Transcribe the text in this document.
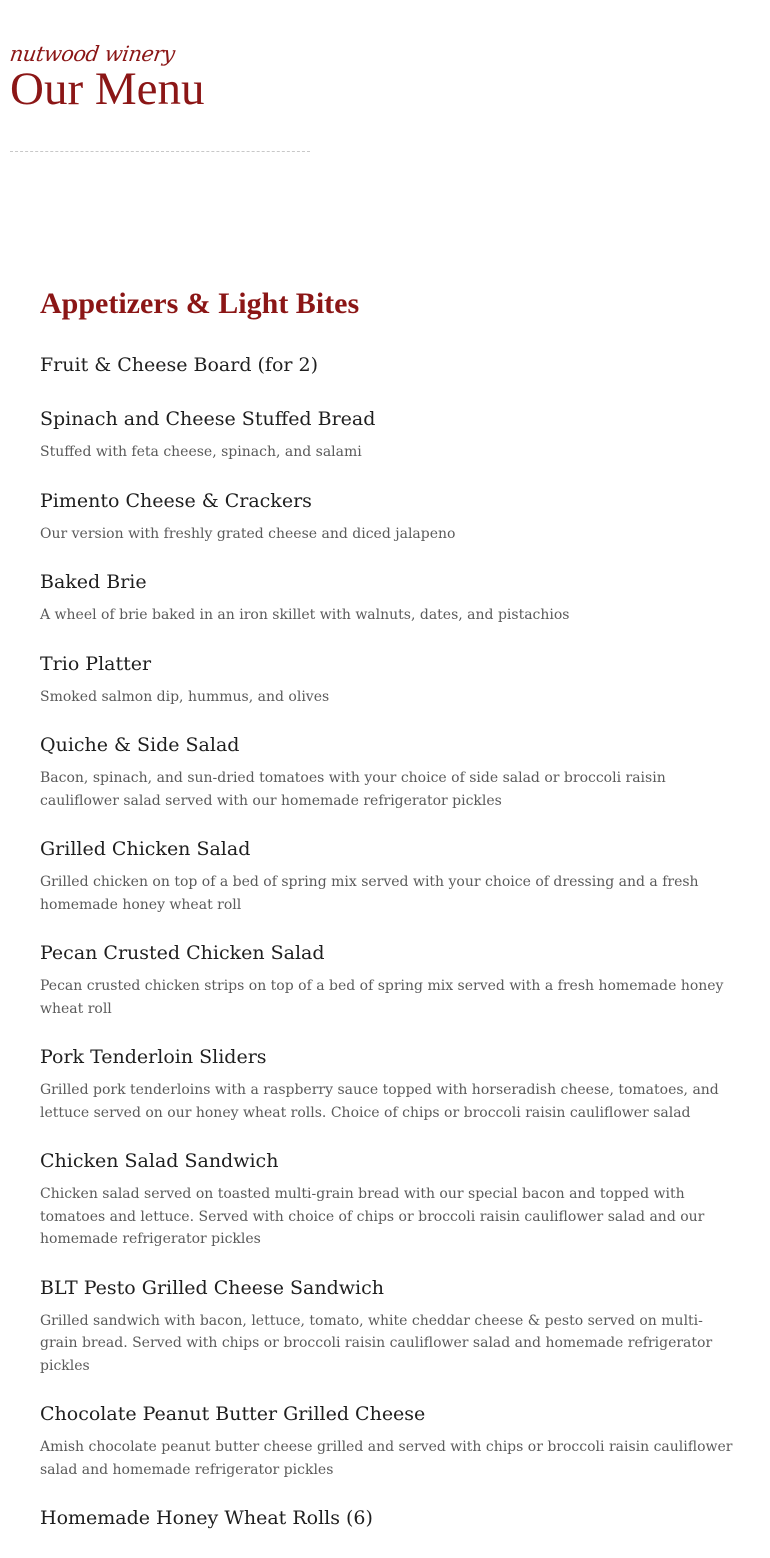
nutwood winery
Our Menu
Appetizers & Light Bites
Fruit & Cheese Board (for 2)
Spinach and Cheese Stuffed Bread
Stuffed with feta cheese, spinach, and salami
Pimento Cheese & Crackers
Our version with freshly grated cheese and diced jalapeno
Baked Brie
A wheel of brie baked in an iron skillet with walnuts, dates, and pistachios
Trio Platter
Smoked salmon dip, hummus, and olives
Quiche & Side Salad
Bacon, spinach, and sun-dried tomatoes with your choice of side salad or broccoli raisin cauliflower salad served with our homemade refrigerator pickles
Grilled Chicken Salad
Grilled chicken on top of a bed of spring mix served with your choice of dressing and a fresh homemade honey wheat roll
Pecan Crusted Chicken Salad
Pecan crusted chicken strips on top of a bed of spring mix served with a fresh homemade honey wheat roll
Pork Tenderloin Sliders
Grilled pork tenderloins with a raspberry sauce topped with horseradish cheese, tomatoes, and lettuce served on our honey wheat rolls. Choice of chips or broccoli raisin cauliflower salad
Chicken Salad Sandwich
Chicken salad served on toasted multi-grain bread with our special bacon and topped with tomatoes and lettuce. Served with choice of chips or broccoli raisin cauliflower salad and our homemade refrigerator pickles
BLT Pesto Grilled Cheese Sandwich
Grilled sandwich with bacon, lettuce, tomato, white cheddar cheese & pesto served on multi-grain bread. Served with chips or broccoli raisin cauliflower salad and homemade refrigerator pickles
Chocolate Peanut Butter Grilled Cheese
Amish chocolate peanut butter cheese grilled and served with chips or broccoli raisin cauliflower salad and homemade refrigerator pickles
Homemade Honey Wheat Rolls (6)
